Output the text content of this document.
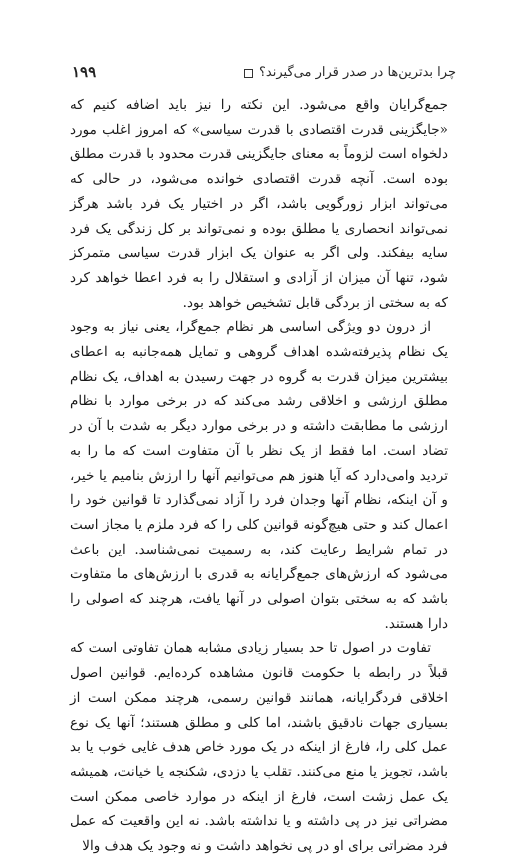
چرا بدترین‌ها در صدر قرار می‌گیرند؟
۱۹۹

جمع‌گرایان واقع می‌شود. این نکته را نیز باید اضافه کنیم که «جایگزینی قدرت اقتصادی با قدرت سیاسی» که امروز اغلب مورد دلخواه است لزوماً به معنای جایگزینی قدرت محدود با قدرت مطلق بوده است. آنچه قدرت اقتصادی خوانده می‌شود، در حالی که می‌تواند ابزار زورگویی باشد، اگر در اختیار یک فرد باشد هرگز نمی‌تواند انحصاری یا مطلق بوده و نمی‌تواند بر کل زندگی یک فرد سایه بیفکند. ولی اگر به عنوان یک ابزار قدرت سیاسی متمرکز شود، تنها آن میزان از آزادی و استقلال را به فرد اعطا خواهد کرد که به سختی از بردگی قابل تشخیص خواهد بود.

از درون دو ویژگی اساسی هر نظام جمع‌گرا، یعنی نیاز به وجود یک نظام پذیرفته‌شده اهداف گروهی و تمایل همه‌جانبه به اعطای بیشترین میزان قدرت به گروه در جهت رسیدن به اهداف، یک نظام مطلق ارزشی و اخلاقی رشد می‌کند که در برخی موارد با نظام ارزشی ما مطابقت داشته و در برخی موارد دیگر به شدت با آن در تضاد است. اما فقط از یک نظر با آن متفاوت است که ما را به تردید وامی‌دارد که آیا هنوز هم می‌توانیم آنها را ارزش بنامیم یا خیر، و آن اینکه، نظام آنها وجدان فرد را آزاد نمی‌گذارد تا قوانین خود را اعمال کند و حتی هیچ‌گونه قوانین کلی را که فرد ملزم یا مجاز است در تمام شرایط رعایت کند، به رسمیت نمی‌شناسد. این باعث می‌شود که ارزش‌های جمع‌گرایانه به قدری با ارزش‌های ما متفاوت باشد که به سختی بتوان اصولی در آنها یافت، هرچند که اصولی را دارا هستند.

تفاوت در اصول تا حد بسیار زیادی مشابه همان تفاوتی است که قبلاً در رابطه با حکومت قانون مشاهده کرده‌ایم. قوانین اصول اخلاقی فردگرایانه، همانند قوانین رسمی، هرچند ممکن است از بسیاری جهات نادقیق باشند، اما کلی و مطلق هستند؛ آنها یک نوع عمل کلی را، فارغ از اینکه در یک مورد خاص هدف غایی خوب یا بد باشد، تجویز یا منع می‌کنند. تقلب یا دزدی، شکنجه یا خیانت، همیشه یک عمل زشت است، فارغ از اینکه در موارد خاصی ممکن است مضراتی نیز در پی داشته و یا نداشته باشد. نه این واقعیت که عمل فرد مضراتی برای او در پی نخواهد داشت و نه وجود یک هدف والا
